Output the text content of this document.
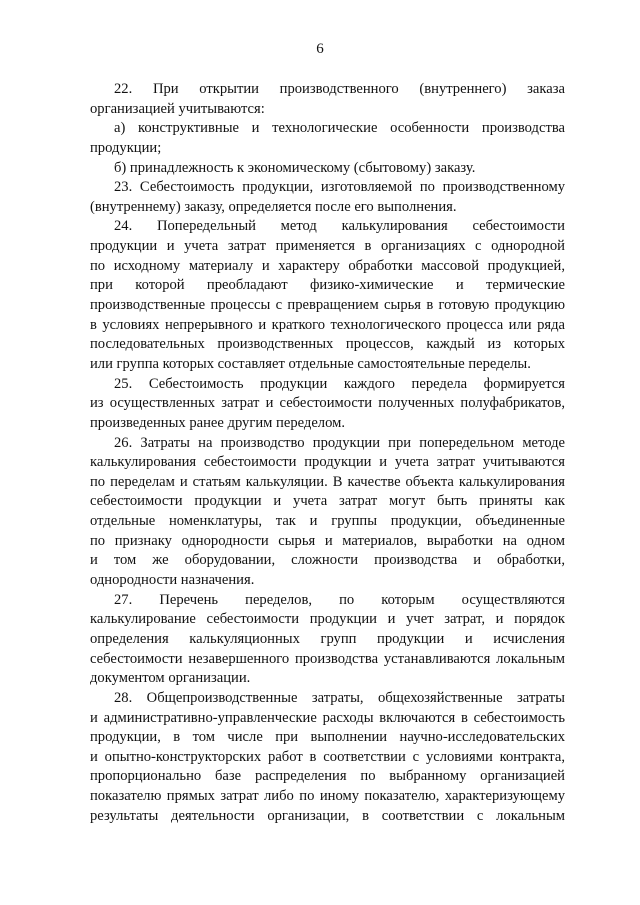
6
22. При открытии производственного (внутреннего) заказа
организацией учитываются:
а) конструктивные и технологические особенности производства
продукции;
б) принадлежность к экономическому (сбытовому) заказу.
23. Себестоимость продукции, изготовляемой по производственному
(внутреннему) заказу, определяется после его выполнения.
24. Попередельный метод калькулирования себестоимости
продукции и учета затрат применяется в организациях с однородной
по исходному материалу и характеру обработки массовой продукцией,
при которой преобладают физико-химические и термические
производственные процессы с превращением сырья в готовую продукцию
в условиях непрерывного и краткого технологического процесса или ряда
последовательных производственных процессов, каждый из которых
или группа которых составляет отдельные самостоятельные переделы.
25. Себестоимость продукции каждого передела формируется
из осуществленных затрат и себестоимости полученных полуфабрикатов,
произведенных ранее другим переделом.
26. Затраты на производство продукции при попередельном методе
калькулирования себестоимости продукции и учета затрат учитываются
по переделам и статьям калькуляции. В качестве объекта калькулирования
себестоимости продукции и учета затрат могут быть приняты как
отдельные номенклатуры, так и группы продукции, объединенные
по признаку однородности сырья и материалов, выработки на одном
и том же оборудовании, сложности производства и обработки,
однородности назначения.
27. Перечень переделов, по которым осуществляются
калькулирование себестоимости продукции и учет затрат, и порядок
определения калькуляционных групп продукции и исчисления
себестоимости незавершенного производства устанавливаются локальным
документом организации.
28. Общепроизводственные затраты, общехозяйственные затраты
и административно-управленческие расходы включаются в себестоимость
продукции, в том числе при выполнении научно-исследовательских
и опытно-конструкторских работ в соответствии с условиями контракта,
пропорционально базе распределения по выбранному организацией
показателю прямых затрат либо по иному показателю, характеризующему
результаты деятельности организации, в соответствии с локальным
